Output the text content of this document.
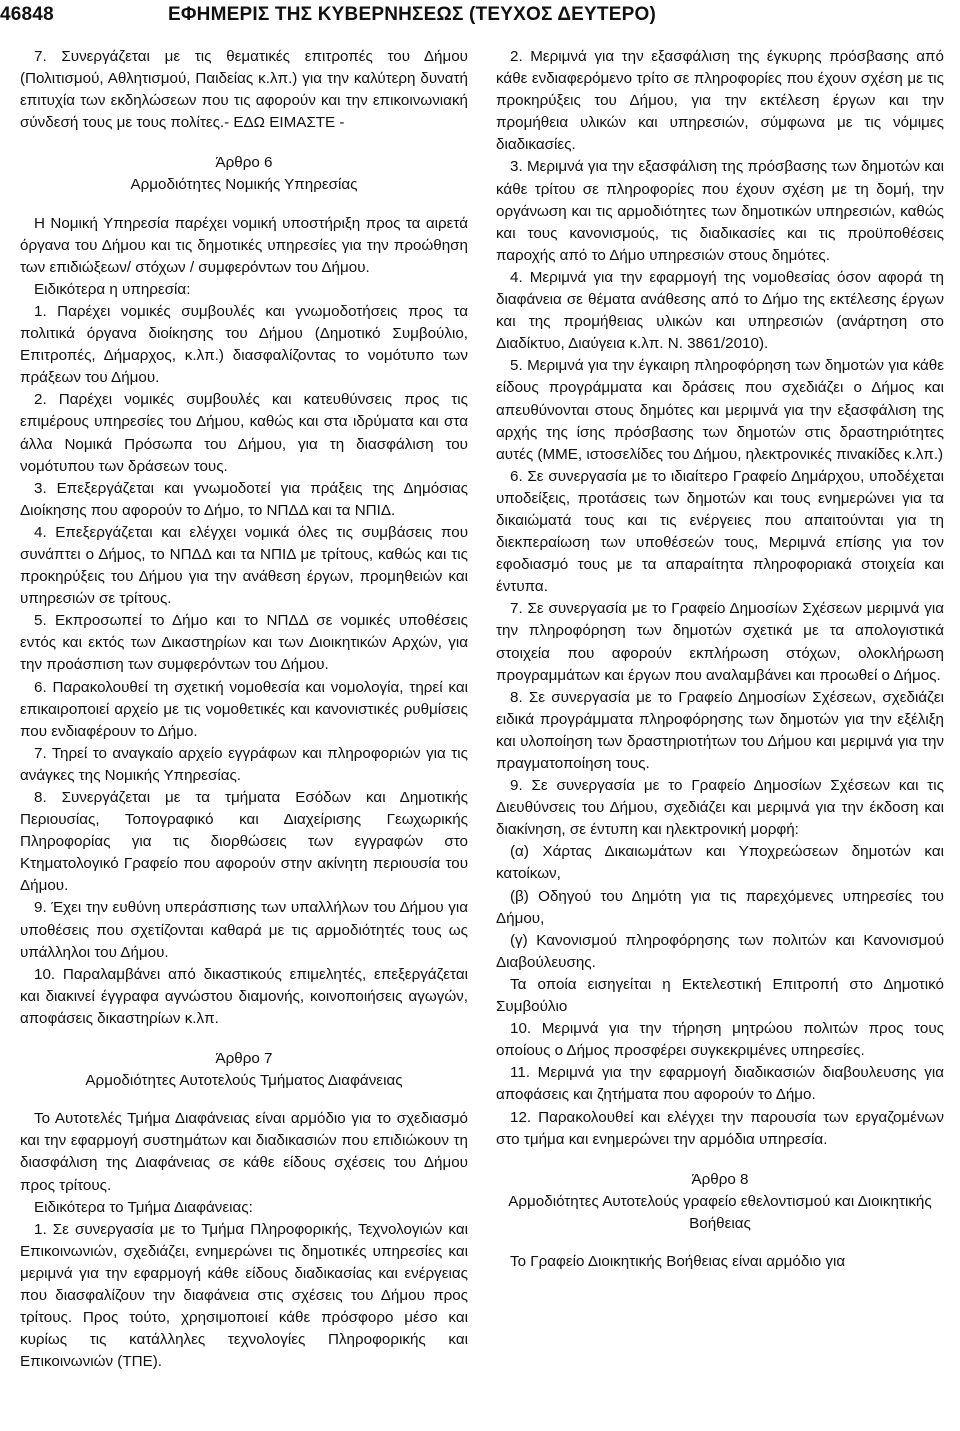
46848	ΕΦΗΜΕΡΙΣ ΤΗΣ ΚΥΒΕΡΝΗΣΕΩΣ (ΤΕΥΧΟΣ ΔΕΥΤΕΡΟ)

7. Συνεργάζεται με τις θεματικές επιτροπές του Δήμου (Πολιτισμού, Αθλητισμού, Παιδείας κ.λπ.) για την καλύτερη δυνατή επιτυχία των εκδηλώσεων που τις αφορούν και την επικοινωνιακή σύνδεσή τους με τους πολίτες.- ΕΔΩ ΕΙΜΑΣΤΕ -

Άρθρο 6

Αρμοδιότητες Νομικής Υπηρεσίας

Η Νομική Υπηρεσία παρέχει νομική υποστήριξη προς τα αιρετά όργανα του Δήμου και τις δημοτικές υπηρεσίες για την προώθηση των επιδιώξεων/ στόχων / συμφερόντων του Δήμου.

Ειδικότερα η υπηρεσία:

1. Παρέχει νομικές συμβουλές και γνωμοδοτήσεις προς τα πολιτικά όργανα διοίκησης του Δήμου (Δημοτικό Συμβούλιο, Επιτροπές, Δήμαρχος, κ.λπ.) διασφαλίζοντας το νομότυπο των πράξεων του Δήμου.

2. Παρέχει νομικές συμβουλές και κατευθύνσεις προς τις επιμέρους υπηρεσίες του Δήμου, καθώς και στα ιδρύματα και στα άλλα Νομικά Πρόσωπα του Δήμου, για τη διασφάλιση του νομότυπου των δράσεων τους.

3. Επεξεργάζεται και γνωμοδοτεί για πράξεις της Δημόσιας Διοίκησης που αφορούν το Δήμο, το ΝΠΔΔ και τα ΝΠΙΔ.

4. Επεξεργάζεται και ελέγχει νομικά όλες τις συμβάσεις που συνάπτει ο Δήμος, το ΝΠΔΔ και τα ΝΠΙΔ με τρίτους, καθώς και τις προκηρύξεις του Δήμου για την ανάθεση έργων, προμηθειών και υπηρεσιών σε τρίτους.

5. Εκπροσωπεί το Δήμο και το ΝΠΔΔ σε νομικές υποθέσεις εντός και εκτός των Δικαστηρίων και των Διοικητικών Αρχών, για την προάσπιση των συμφερόντων του Δήμου.

6. Παρακολουθεί τη σχετική νομοθεσία και νομολογία, τηρεί και επικαιροποιεί αρχείο με τις νομοθετικές και κανονιστικές ρυθμίσεις που ενδιαφέρουν το Δήμο.

7. Τηρεί το αναγκαίο αρχείο εγγράφων και πληροφοριών για τις ανάγκες της Νομικής Υπηρεσίας.

8. Συνεργάζεται με τα τμήματα Εσόδων και Δημοτικής Περιουσίας, Τοπογραφικό και Διαχείρισης Γεωχωρικής Πληροφορίας για τις διορθώσεις των εγγραφών στο Κτηματολογικό Γραφείο που αφορούν στην ακίνητη περιουσία του Δήμου.

9. Έχει την ευθύνη υπεράσπισης των υπαλλήλων του Δήμου για υποθέσεις που σχετίζονται καθαρά με τις αρμοδιότητές τους ως υπάλληλοι του Δήμου.

10. Παραλαμβάνει από δικαστικούς επιμελητές, επεξεργάζεται και διακινεί έγγραφα αγνώστου διαμονής, κοινοποιήσεις αγωγών, αποφάσεις δικαστηρίων κ.λπ.

Άρθρο 7

Αρμοδιότητες Αυτοτελούς Τμήματος Διαφάνειας

Το Αυτοτελές Τμήμα Διαφάνειας είναι αρμόδιο για το σχεδιασμό και την εφαρμογή συστημάτων και διαδικασιών που επιδιώκουν τη διασφάλιση της Διαφάνειας σε κάθε είδους σχέσεις του Δήμου προς τρίτους.

Ειδικότερα το Τμήμα Διαφάνειας:

1. Σε συνεργασία με το Τμήμα Πληροφορικής, Τεχνολογιών και Επικοινωνιών, σχεδιάζει, ενημερώνει τις δημοτικές υπηρεσίες και μεριμνά για την εφαρμογή κάθε είδους διαδικασίας και ενέργειας που διασφαλίζουν την διαφάνεια στις σχέσεις του Δήμου προς τρίτους. Προς τούτο, χρησιμοποιεί κάθε πρόσφορο μέσο και κυρίως τις κατάλληλες τεχνολογίες Πληροφορικής και Επικοινωνιών (ΤΠΕ).

2. Μεριμνά για την εξασφάλιση της έγκυρης πρόσβασης από κάθε ενδιαφερόμενο τρίτο σε πληροφορίες που έχουν σχέση με τις προκηρύξεις του Δήμου, για την εκτέλεση έργων και την προμήθεια υλικών και υπηρεσιών, σύμφωνα με τις νόμιμες διαδικασίες.

3. Μεριμνά για την εξασφάλιση της πρόσβασης των δημοτών και κάθε τρίτου σε πληροφορίες που έχουν σχέση με τη δομή, την οργάνωση και τις αρμοδιότητες των δημοτικών υπηρεσιών, καθώς και τους κανονισμούς, τις διαδικασίες και τις προϋποθέσεις παροχής από το Δήμο υπηρεσιών στους δημότες.

4. Μεριμνά για την εφαρμογή της νομοθεσίας όσον αφορά τη διαφάνεια σε θέματα ανάθεσης από το Δήμο της εκτέλεσης έργων και της προμήθειας υλικών και υπηρεσιών (ανάρτηση στο Διαδίκτυο, Διαύγεια κ.λπ. Ν. 3861/2010).

5. Μεριμνά για την έγκαιρη πληροφόρηση των δημοτών για κάθε είδους προγράμματα και δράσεις που σχεδιάζει ο Δήμος και απευθύνονται στους δημότες και μεριμνά για την εξασφάλιση της αρχής της ίσης πρόσβασης των δημοτών στις δραστηριότητες αυτές (ΜΜΕ, ιστοσελίδες του Δήμου, ηλεκτρονικές πινακίδες κ.λπ.)

6. Σε συνεργασία με το ιδιαίτερο Γραφείο Δημάρχου, υποδέχεται υποδείξεις, προτάσεις των δημοτών και τους ενημερώνει για τα δικαιώματά τους και τις ενέργειες που απαιτούνται για τη διεκπεραίωση των υποθέσεών τους, Μεριμνά επίσης για τον εφοδιασμό τους με τα απαραίτητα πληροφοριακά στοιχεία και έντυπα.

7. Σε συνεργασία με το Γραφείο Δημοσίων Σχέσεων μεριμνά για την πληροφόρηση των δημοτών σχετικά με τα απολογιστικά στοιχεία που αφορούν εκπλήρωση στόχων, ολοκλήρωση προγραμμάτων και έργων που αναλαμβάνει και προωθεί ο Δήμος.

8. Σε συνεργασία με το Γραφείο Δημοσίων Σχέσεων, σχεδιάζει ειδικά προγράμματα πληροφόρησης των δημοτών για την εξέλιξη και υλοποίηση των δραστηριοτήτων του Δήμου και μεριμνά για την πραγματοποίηση τους.

9. Σε συνεργασία με το Γραφείο Δημοσίων Σχέσεων και τις Διευθύνσεις του Δήμου, σχεδιάζει και μεριμνά για την έκδοση και διακίνηση, σε έντυπη και ηλεκτρονική μορφή:

(α) Χάρτας Δικαιωμάτων και Υποχρεώσεων δημοτών και κατοίκων,

(β) Οδηγού του Δημότη για τις παρεχόμενες υπηρεσίες του Δήμου,

(γ) Κανονισμού πληροφόρησης των πολιτών και Κανονισμού Διαβούλευσης.

Τα οποία εισηγείται η Εκτελεστική Επιτροπή στο Δημοτικό Συμβούλιο

10. Μεριμνά για την τήρηση μητρώου πολιτών προς τους οποίους ο Δήμος προσφέρει συγκεκριμένες υπηρεσίες.

11. Μεριμνά για την εφαρμογή διαδικασιών διαβουλευσης για αποφάσεις και ζητήματα που αφορούν το Δήμο.

12. Παρακολουθεί και ελέγχει την παρουσία των εργαζομένων στο τμήμα και ενημερώνει την αρμόδια υπηρεσία.

Άρθρο 8

Αρμοδιότητες Αυτοτελούς γραφείο εθελοντισμού και Διοικητικής Βοήθειας

Το Γραφείο Διοικητικής Βοήθειας είναι αρμόδιο για
